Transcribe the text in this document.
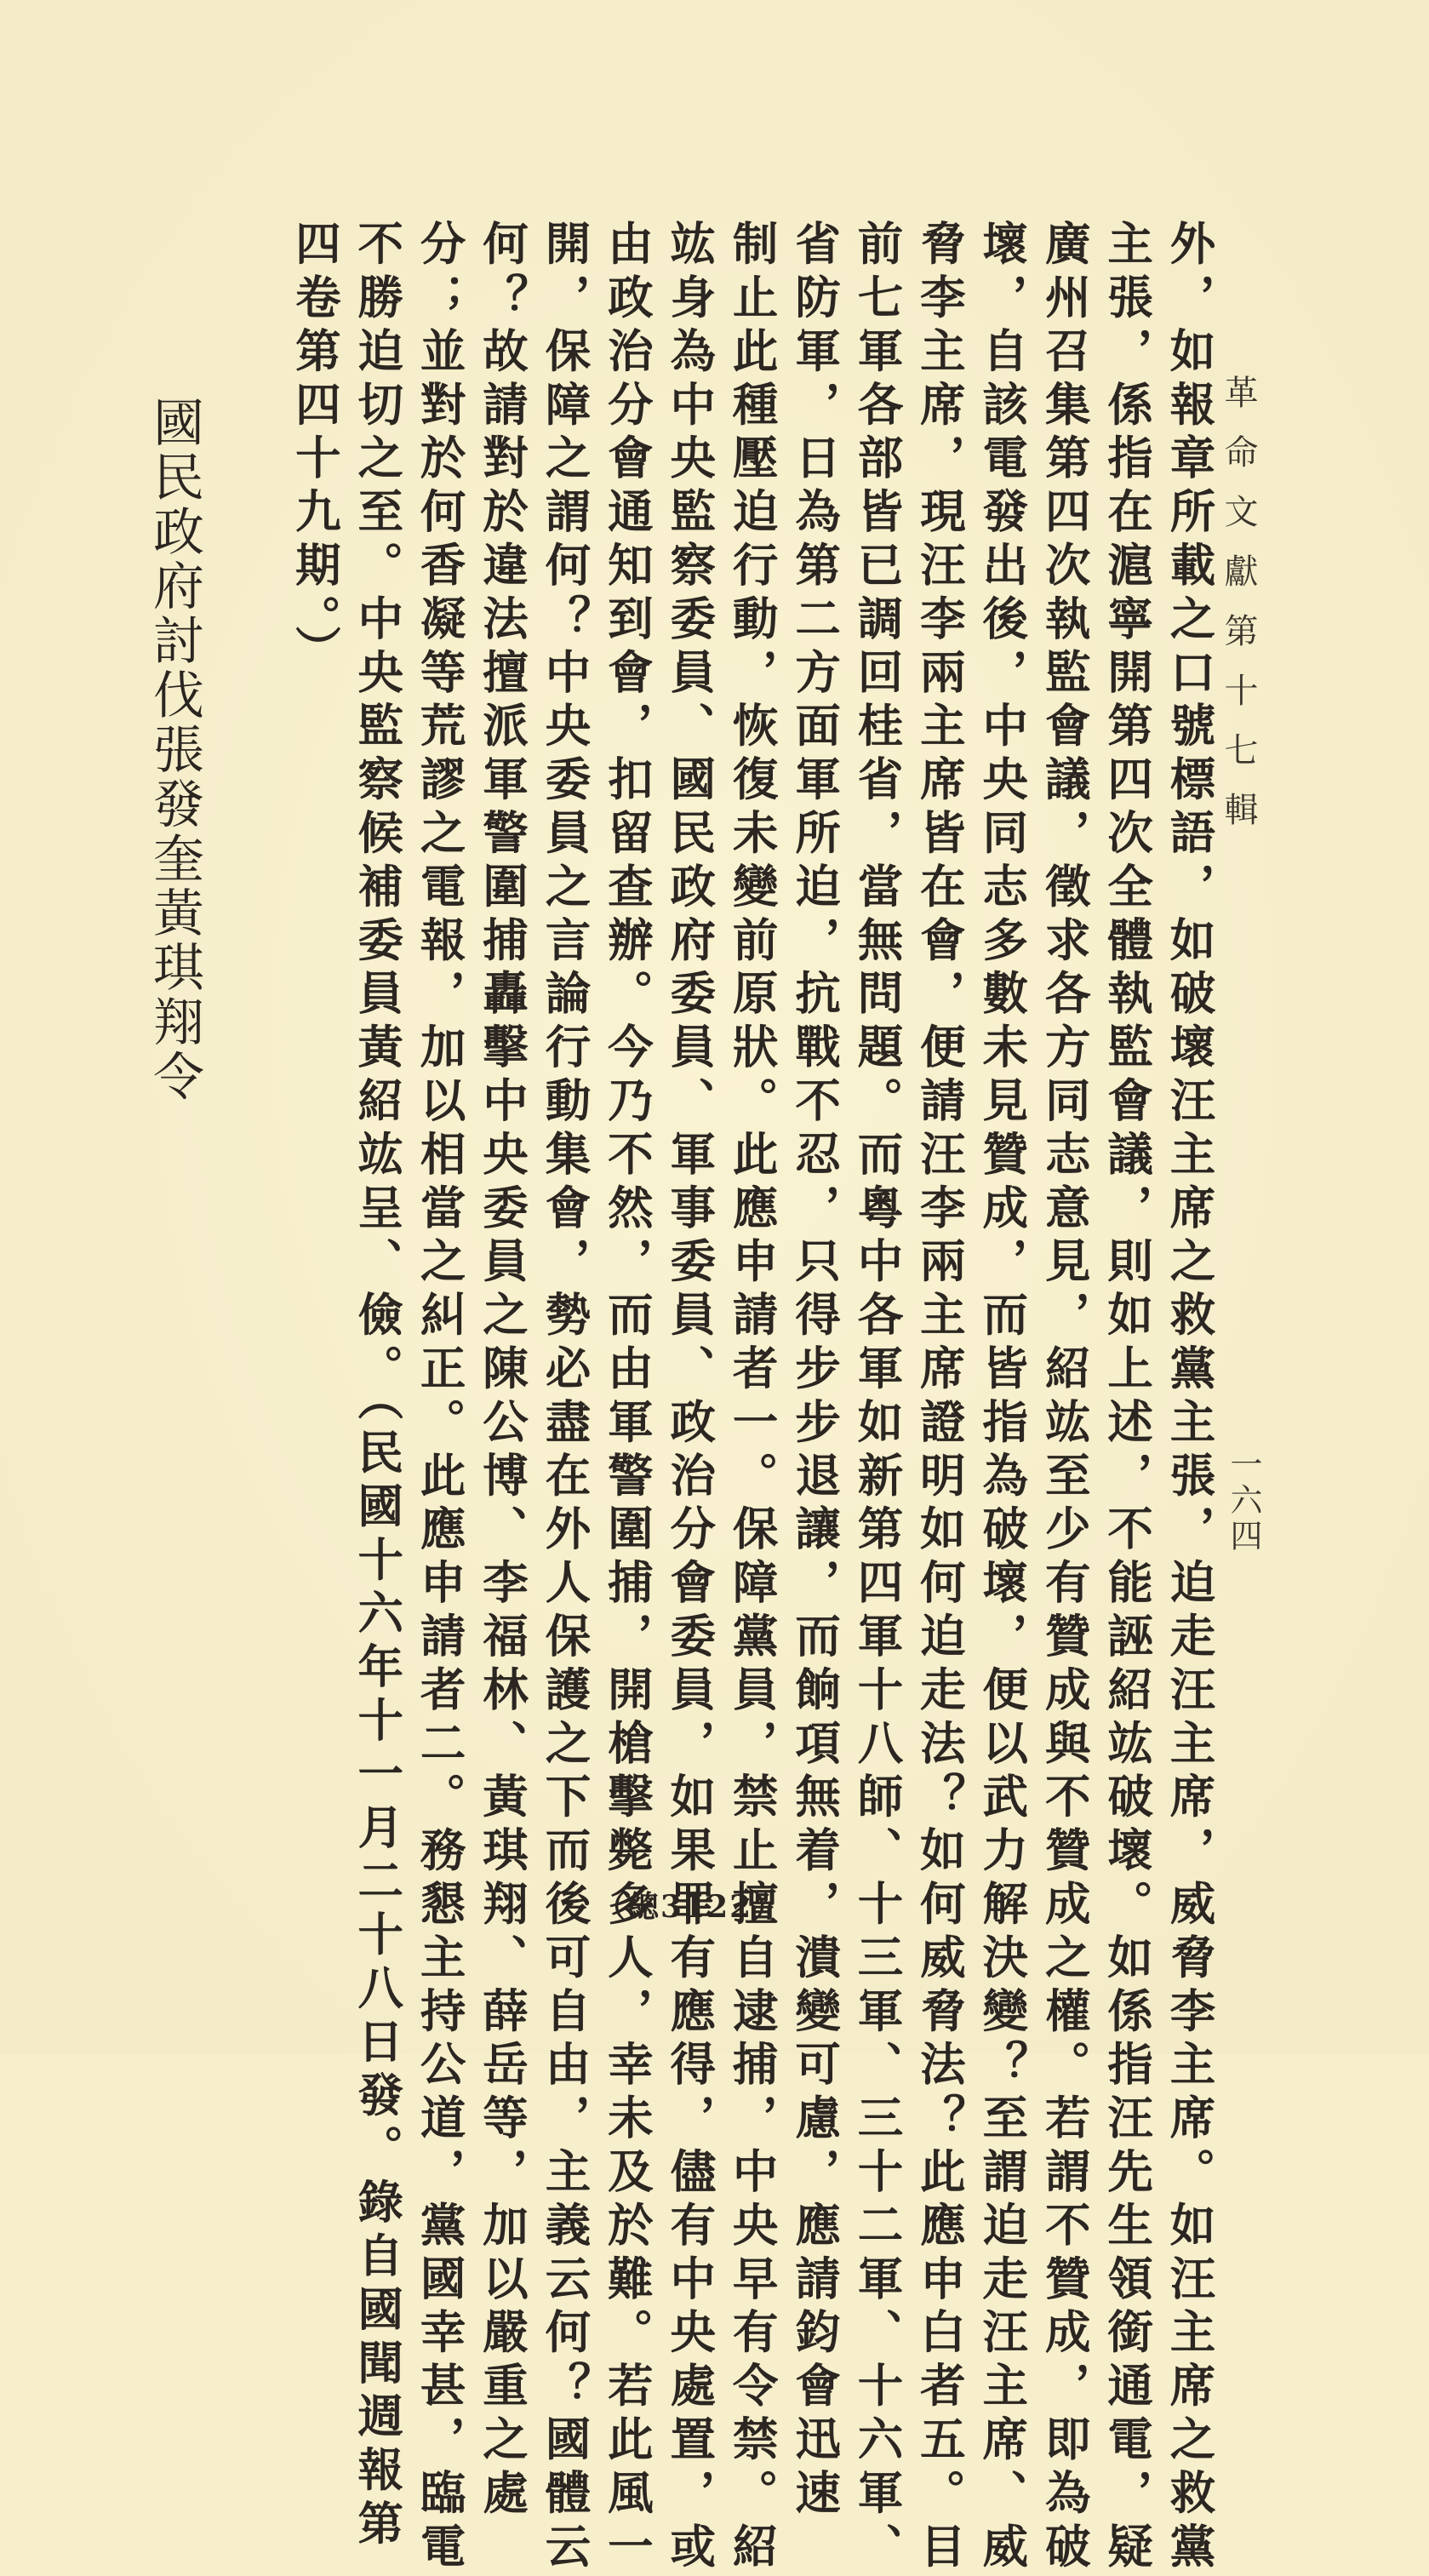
革命文獻第十七輯
一六四
外，如報章所載之口號標語，如破壞汪主席之救黨主張，迫走汪主席，威脅李主席。如汪主席之救黨
主張，係指在滬寧開第四次全體執監會議，則如上述，不能誣紹竑破壞。如係指汪先生領銜通電，疑
廣州召集第四次執監會議，徵求各方同志意見，紹竑至少有贊成與不贊成之權。若謂不贊成，即為破
壞，自該電發出後，中央同志多數未見贊成，而皆指為破壞，便以武力解決變？至謂迫走汪主席、威
脅李主席，現汪李兩主席皆在會，便請汪李兩主席證明如何迫走法？如何威脅法？此應申白者五。目
前七軍各部皆已調回桂省，當無問題。而粵中各軍如新第四軍十八師、十三軍、三十二軍、十六軍、
省防軍，日為第二方面軍所迫，抗戰不忍，只得步步退讓，而餉項無着，潰變可慮，應請鈞會迅速
制止此種壓迫行動，恢復未變前原狀。此應申請者一。保障黨員，禁止擅自逮捕，中央早有令禁。紹
竑身為中央監察委員、國民政府委員、軍事委員、政治分會委員，如果罪有應得，儘有中央處置，或
由政治分會通知到會，扣留查辦。今乃不然，而由軍警圍捕，開槍擊斃多人，幸未及於難。若此風一
開，保障之謂何？中央委員之言論行動集會，勢必盡在外人保護之下而後可自由，主義云何？國體云
何？故請對於違法擅派軍警圍捕轟擊中央委員之陳公博、李福林、黃琪翔、薛岳等，加以嚴重之處
分；並對於何香凝等荒謬之電報，加以相當之糾正。此應申請者二。務懇主持公道，黨國幸甚，臨電
不勝迫切之至。中央監察候補委員黃紹竑呈、儉。（民國十六年十一月二十八日發。錄自國聞週報第
四卷第四十九期。）
國民政府討伐張發奎黃琪翔令
（總3122）
